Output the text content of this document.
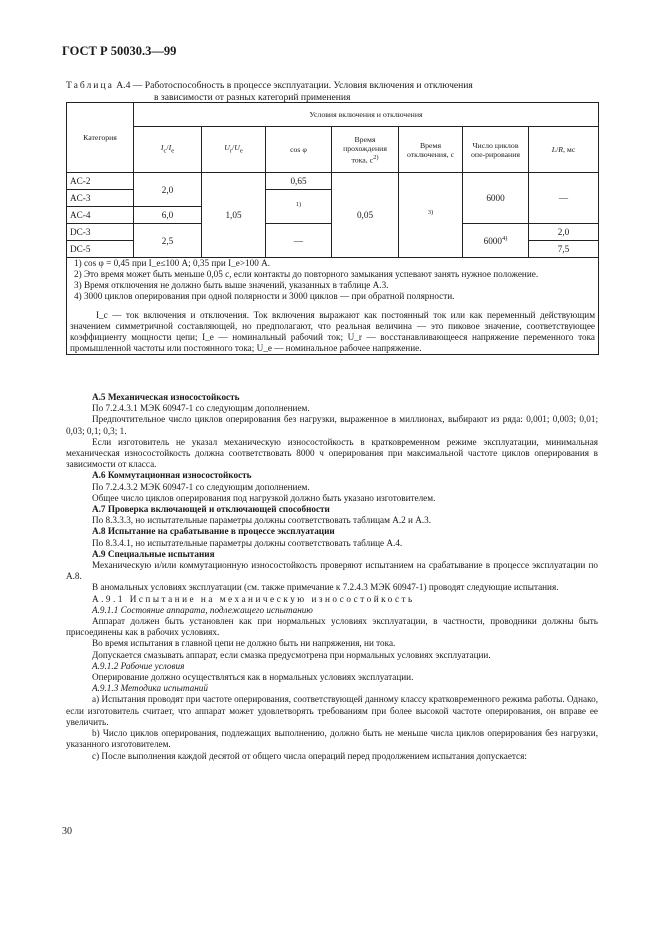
ГОСТ Р 50030.3—99
Таблица А.4 — Работоспособность в процессе эксплуатации. Условия включения и отключения
в зависимости от разных категорий применения
Категория	Условия включения и отключения						
	$I_c/I_e$	$U_r/U_e$	cos φ	Время прохождения тока, $с^{2)}$	Время отключения, с	Число циклов опе-рирования	L/R, мс
AC-2	2,0	1,05	0,65	0,05	$^{3)}$	6000	—
AC-3			$^{1)}$
AC-4	6,0						
DC-3	2,5		—			6000$^{4)}$	2,0
DC-5							7,5

1) cos φ = 0,45 при I_e≤100 А; 0,35 при I_e>100 А.

2) Это время может быть меньше 0,05 с, если контакты до повторного замыкания успевают занять нужное положение.

3) Время отключения не должно быть выше значений, указанных в таблице А.3.

4) 3000 циклов оперирования при одной полярности и 3000 циклов — при обратной полярности.

I_c — ток включения и отключения. Ток включения выражают как постоянный ток или как переменный действующим значением симметричной составляющей, но предполагают, что реальная величина — это пиковое значение, соответствующее коэффициенту мощности цепи; I_e — номинальный рабочий ток; U_r — восстанавливающееся напряжение переменного тока промышленной частоты или постоянного тока; U_e — номинальное рабочее напряжение.							

А.5 Механическая износостойкость

По 7.2.4.3.1 МЭК 60947-1 со следующим дополнением.

Предпочтительное число циклов оперирования без нагрузки, выраженное в миллионах, выбирают из ряда: 0,001; 0,003; 0,01; 0,03; 0,1; 0,3; 1.

Если изготовитель не указал механическую износостойкость в кратковременном режиме эксплуатации, минимальная механическая износостойкость должна соответствовать 8000 ч оперирования при максимальной частоте циклов оперирования в зависимости от класса.

А.6 Коммутационная износостойкость

По 7.2.4.3.2 МЭК 60947-1 со следующим дополнением.

Общее число циклов оперирования под нагрузкой должно быть указано изготовителем.

А.7 Проверка включающей и отключающей способности

По 8.3.3.3, но испытательные параметры должны соответствовать таблицам А.2 и А.3.

А.8 Испытание на срабатывание в процессе эксплуатации

По 8.3.4.1, но испытательные параметры должны соответствовать таблице А.4.

А.9 Специальные испытания

Механическую и/или коммутационную износостойкость проверяют испытанием на срабатывание в процессе эксплуатации по А.8.

В аномальных условиях эксплуатации (см. также примечание к 7.2.4.3 МЭК 60947-1) проводят следующие испытания.

А.9.1 Испытание на механическую износостойкость

А.9.1.1 Состояние аппарата, подлежащего испытанию

Аппарат должен быть установлен как при нормальных условиях эксплуатации, в частности, проводники должны быть присоединены как в рабочих условиях.

Во время испытания в главной цепи не должно быть ни напряжения, ни тока.

Допускается смазывать аппарат, если смазка предусмотрена при нормальных условиях эксплуатации.

А.9.1.2 Рабочие условия

Оперирование должно осуществляться как в нормальных условиях эксплуатации.

А.9.1.3 Методика испытаний

а) Испытания проводят при частоте оперирования, соответствующей данному классу кратковременного режима работы. Однако, если изготовитель считает, что аппарат может удовлетворять требованиям при более высокой частоте оперирования, он вправе ее увеличить.

b) Число циклов оперирования, подлежащих выполнению, должно быть не меньше числа циклов оперирования без нагрузки, указанного изготовителем.

с) После выполнения каждой десятой от общего числа операций перед продолжением испытания допускается:

30
